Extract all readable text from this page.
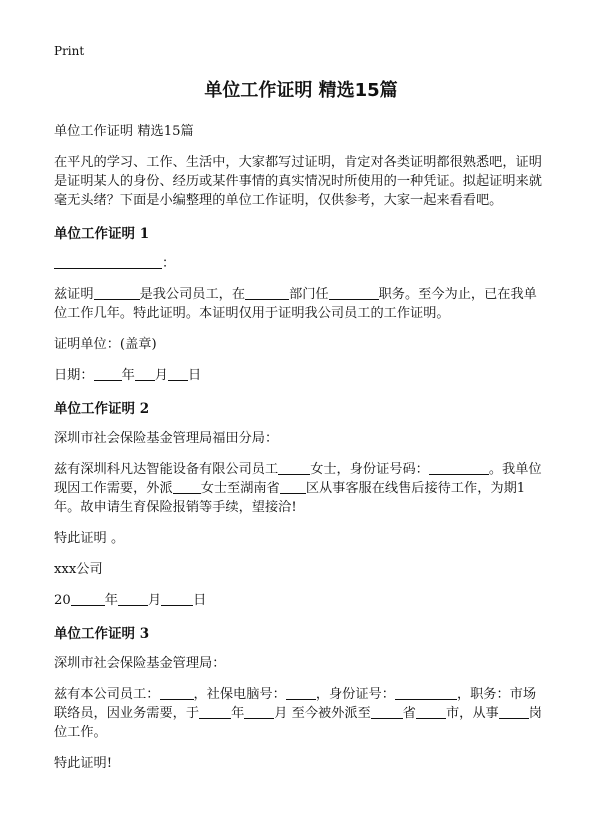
Print
单位工作证明 精选15篇

单位工作证明 精选15篇

在平凡的学习、工作、生活中，大家都写过证明，肯定对各类证明都很熟悉吧，证明是证明某人的身份、经历或某件事情的真实情况时所使用的一种凭证。拟起证明来就毫无头绪？下面是小编整理的单位工作证明，仅供参考，大家一起来看看吧。

单位工作证明 1

：

兹证明	是我公司员工，在	部门任	职务。至今为止，已在我单位工作几年。特此证明。本证明仅用于证明我公司员工的工作证明。

证明单位：(盖章)

日期： 年 月 日

单位工作证明 2

深圳市社会保险基金管理局福田分局：

兹有深圳科凡达智能设备有限公司员工 女士，身份证号码：	。我单位现因工作需要，外派 女士至湖南省 区从事客服在线售后接待工作，为期1年。故申请生育保险报销等手续，望接洽!

特此证明 。

xxx公司

20	年 月 日

单位工作证明 3

深圳市社会保险基金管理局：

兹有本公司员工：	，社保电脑号： ，身份证号：	，职务：市场联络员，因业务需要，于 年 月 至今被外派至 省 市，从事 岗位工作。

特此证明!
